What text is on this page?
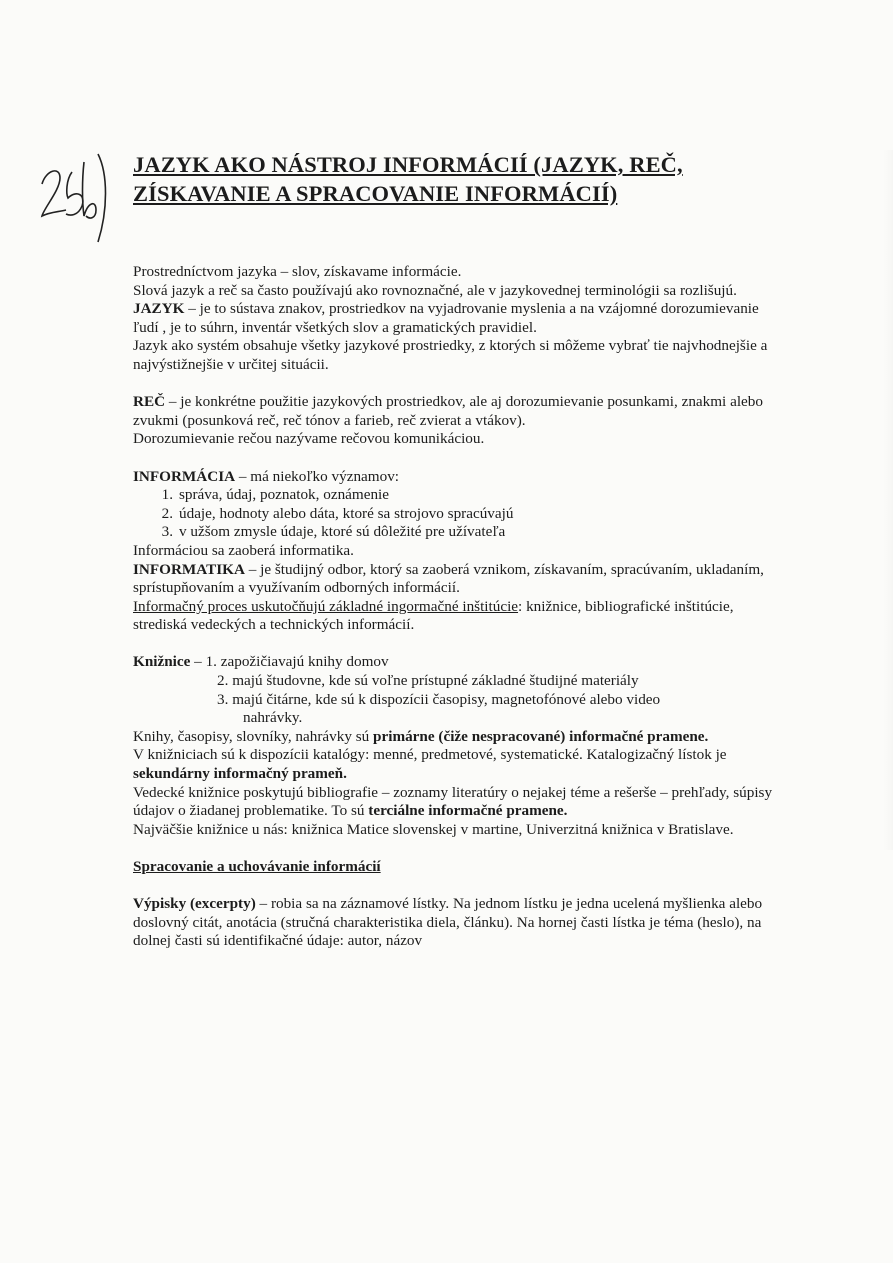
JAZYK AKO NÁSTROJ INFORMÁCIÍ (JAZYK, REČ, ZÍSKAVANIE A SPRACOVANIE INFORMÁCIÍ)

Prostredníctvom jazyka – slov, získavame informácie.

Slová jazyk a reč sa často používajú ako rovnoznačné, ale v jazykovednej terminológii sa rozlišujú.

JAZYK – je to sústava znakov, prostriedkov na vyjadrovanie myslenia a na vzájomné dorozumievanie ľudí , je to súhrn, inventár všetkých slov a gramatických pravidiel.

Jazyk ako systém obsahuje všetky jazykové prostriedky, z ktorých si môžeme vybrať tie najvhodnejšie a najvýstižnejšie v určitej situácii.

REČ – je konkrétne použitie jazykových prostriedkov, ale aj dorozumievanie posunkami, znakmi alebo zvukmi (posunková reč, reč tónov a farieb, reč zvierat a vtákov).

Dorozumievanie rečou nazývame rečovou komunikáciou.

INFORMÁCIA – má niekoľko významov:

1. správa, údaj, poznatok, oznámenie
2. údaje, hodnoty alebo dáta, ktoré sa strojovo spracúvajú
3. v užšom zmysle údaje, ktoré sú dôležité pre užívateľa

Informáciou sa zaoberá informatika.

INFORMATIKA – je študijný odbor, ktorý sa zaoberá vznikom, získavaním, spracúvaním, ukladaním, sprístupňovaním a využívaním odborných informácií.

Informačný proces uskutočňujú základné ingormačné inštitúcie: knižnice, bibliografické inštitúcie, strediská vedeckých a technických informácií.

Knižnice – 1. zapožičiavajú knihy domov

2. majú študovne, kde sú voľne prístupné základné študijné materiály

3. majú čitárne, kde sú k dispozícii časopisy, magnetofónové alebo video

nahrávky.

Knihy, časopisy, slovníky, nahrávky sú primárne (čiže nespracované) informačné pramene.

V knižniciach sú k dispozícii katalógy: menné, predmetové, systematické. Katalogizačný lístok je sekundárny informačný prameň.

Vedecké knižnice poskytujú bibliografie – zoznamy literatúry o nejakej téme a rešerše – prehľady, súpisy údajov o žiadanej problematike. To sú terciálne informačné pramene.

Najväčšie knižnice u nás: knižnica Matice slovenskej v martine, Univerzitná knižnica v Bratislave.

Spracovanie a uchovávanie informácií

Výpisky (excerpty) – robia sa na záznamové lístky. Na jednom lístku je jedna ucelená myšlienka alebo doslovný citát, anotácia (stručná charakteristika diela, článku). Na hornej časti lístka je téma (heslo), na dolnej časti sú identifikačné údaje: autor, názov
